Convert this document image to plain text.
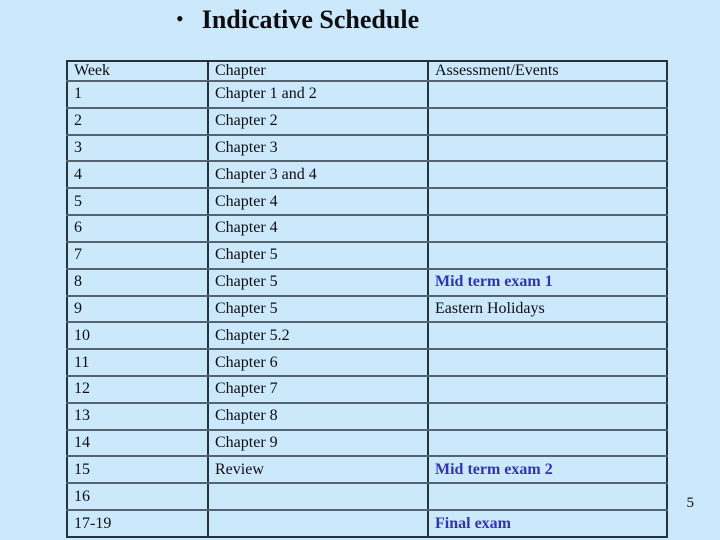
• Indicative Schedule
Week	Chapter	Assessment/Events
1	Chapter 1 and 2	
2	Chapter 2	
3	Chapter 3	
4	Chapter 3 and 4	
5	Chapter 4	
6	Chapter 4	
7	Chapter 5	
8	Chapter 5	Mid term exam 1
9	Chapter 5	Eastern Holidays
10	Chapter 5.2	
11	Chapter 6	
12	Chapter 7	
13	Chapter 8	
14	Chapter 9	
15	Review	Mid term exam 2
16		
17-19		Final exam
5
